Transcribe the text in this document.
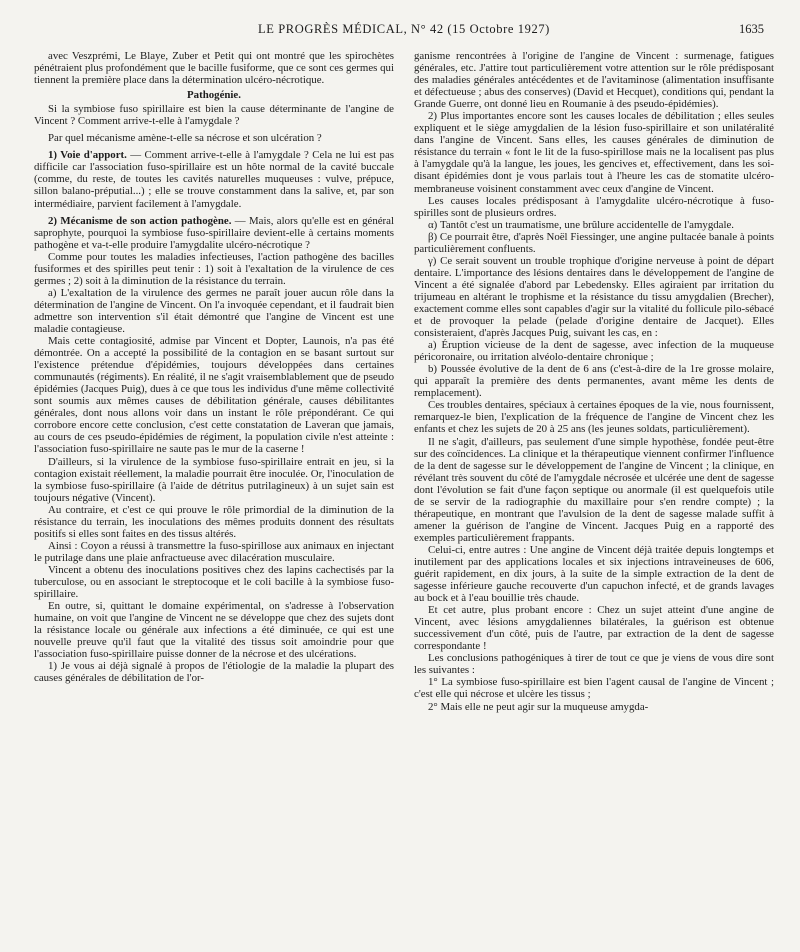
LE PROGRÈS MÉDICAL, N° 42 (15 Octobre 1927)	1635

avec Veszprémi, Le Blaye, Zuber et Petit qui ont montré que les spirochètes pénétraient plus profondément que le bacille fusiforme, que ce sont ces germes qui tiennent la première place dans la détermination ulcéro-nécrotique.

Pathogénie.

Si la symbiose fuso spirillaire est bien la cause déterminante de l'angine de Vincent ? Comment arrive-t-elle à l'amygdale ?

Par quel mécanisme amène-t-elle sa nécrose et son ulcération ?

1) Voie d'apport. — Comment arrive-t-elle à l'amygdale ? Cela ne lui est pas difficile car l'association fuso-spirillaire est un hôte normal de la cavité buccale (comme, du reste, de toutes les cavités naturelles muqueuses : vulve, prépuce, sillon balano-préputial...) ; elle se trouve constamment dans la salive, et, par son intermédiaire, parvient facilement à l'amygdale.

2) Mécanisme de son action pathogène. — Mais, alors qu'elle est en général saprophyte, pourquoi la symbiose fuso-spirillaire devient-elle à certains moments pathogène et va-t-elle produire l'amygdalite ulcéro-nécrotique ?

Comme pour toutes les maladies infectieuses, l'action pathogène des bacilles fusiformes et des spirilles peut tenir : 1) soit à l'exaltation de la virulence de ces germes ; 2) soit à la diminution de la résistance du terrain.

a) L'exaltation de la virulence des germes ne paraît jouer aucun rôle dans la détermination de l'angine de Vincent. On l'a invoquée cependant, et il faudrait bien admettre son intervention s'il était démontré que l'angine de Vincent est une maladie contagieuse.

Mais cette contagiosité, admise par Vincent et Dopter, Launois, n'a pas été démontrée. On a accepté la possibilité de la contagion en se basant surtout sur l'existence prétendue d'épidémies, toujours développées dans certaines communautés (régiments). En réalité, il ne s'agit vraisemblablement que de pseudo épidémies (Jacques Puig), dues à ce que tous les individus d'une même collectivité sont soumis aux mêmes causes de débilitation générale, causes débilitantes générales, dont nous allons voir dans un instant le rôle prépondérant. Ce qui corrobore encore cette conclusion, c'est cette constatation de Laveran que jamais, au cours de ces pseudo-épidémies de régiment, la population civile n'est atteinte : l'association fuso-spirillaire ne saute pas le mur de la caserne !

D'ailleurs, si la virulence de la symbiose fuso-spirillaire entrait en jeu, si la contagion existait réellement, la maladie pourrait être inoculée. Or, l'inoculation de la symbiose fuso-spirillaire (à l'aide de détritus putrilagineux) à un sujet sain est toujours négative (Vincent).

Au contraire, et c'est ce qui prouve le rôle primordial de la diminution de la résistance du terrain, les inoculations des mêmes produits donnent des résultats positifs si elles sont faites en des tissus altérés.

Ainsi : Coyon a réussi à transmettre la fuso-spirillose aux animaux en injectant le putrilage dans une plaie anfractueuse avec dilacération musculaire.

Vincent a obtenu des inoculations positives chez des lapins cachectisés par la tuberculose, ou en associant le streptocoque et le coli bacille à la symbiose fuso-spirillaire.

En outre, si, quittant le domaine expérimental, on s'adresse à l'observation humaine, on voit que l'angine de Vincent ne se développe que chez des sujets dont la résistance locale ou générale aux infections a été diminuée, ce qui est une nouvelle preuve qu'il faut que la vitalité des tissus soit amoindrie pour que l'association fuso-spirillaire puisse donner de la nécrose et des ulcérations.

1) Je vous ai déjà signalé à propos de l'étiologie de la maladie la plupart des causes générales de débilitation de l'or-

ganisme rencontrées à l'origine de l'angine de Vincent : surmenage, fatigues générales, etc. J'attire tout particulièrement votre attention sur le rôle prédisposant des maladies générales antécédentes et de l'avitaminose (alimentation insuffisante et défectueuse ; abus des conserves) (David et Hecquet), conditions qui, pendant la Grande Guerre, ont donné lieu en Roumanie à des pseudo-épidémies).

2) Plus importantes encore sont les causes locales de débilitation ; elles seules expliquent et le siège amygdalien de la lésion fuso-spirillaire et son unilatéralité dans l'angine de Vincent. Sans elles, les causes générales de diminution de résistance du terrain « font le lit de la fuso-spirillose mais ne la localisent pas plus à l'amygdale qu'à la langue, les joues, les gencives et, effectivement, dans les soi-disant épidémies dont je vous parlais tout à l'heure les cas de stomatite ulcéro-membraneuse voisinent constamment avec ceux d'angine de Vincent.

Les causes locales prédisposant à l'amygdalite ulcéro-nécrotique à fuso-spirilles sont de plusieurs ordres.

α) Tantôt c'est un traumatisme, une brûlure accidentelle de l'amygdale.

β) Ce pourrait être, d'après Noël Fiessinger, une angine pultacée banale à points particulièrement confluents.

γ) Ce serait souvent un trouble trophique d'origine nerveuse à point de départ dentaire. L'importance des lésions dentaires dans le développement de l'angine de Vincent a été signalée d'abord par Lebedensky. Elles agiraient par irritation du trijumeau en altérant le trophisme et la résistance du tissu amygdalien (Brecher), exactement comme elles sont capables d'agir sur la vitalité du follicule pilo-sébacé et de provoquer la pelade (pelade d'origine dentaire de Jacquet). Elles consisteraient, d'après Jacques Puig, suivant les cas, en :

a) Éruption vicieuse de la dent de sagesse, avec infection de la muqueuse péricoronaire, ou irritation alvéolo-dentaire chronique ;

b) Poussée évolutive de la dent de 6 ans (c'est-à-dire de la 1re grosse molaire, qui apparaît la première des dents permanentes, avant même les dents de remplacement).

Ces troubles dentaires, spéciaux à certaines époques de la vie, nous fournissent, remarquez-le bien, l'explication de la fréquence de l'angine de Vincent chez les enfants et chez les sujets de 20 à 25 ans (les jeunes soldats, particulièrement).

Il ne s'agit, d'ailleurs, pas seulement d'une simple hypothèse, fondée peut-être sur des coïncidences. La clinique et la thérapeutique viennent confirmer l'influence de la dent de sagesse sur le développement de l'angine de Vincent ; la clinique, en révélant très souvent du côté de l'amygdale nécrosée et ulcérée une dent de sagesse dont l'évolution se fait d'une façon septique ou anormale (il est quelquefois utile de se servir de la radiographie du maxillaire pour s'en rendre compte) ; la thérapeutique, en montrant que l'avulsion de la dent de sagesse malade suffit à amener la guérison de l'angine de Vincent. Jacques Puig en a rapporté des exemples particulièrement frappants.

Celui-ci, entre autres : Une angine de Vincent déjà traitée depuis longtemps et inutilement par des applications locales et six injections intraveineuses de 606, guérit rapidement, en dix jours, à la suite de la simple extraction de la dent de sagesse inférieure gauche recouverte d'un capuchon infecté, et de grands lavages au bock et à l'eau bouillie très chaude.

Et cet autre, plus probant encore : Chez un sujet atteint d'une angine de Vincent, avec lésions amygdaliennes bilatérales, la guérison est obtenue successivement d'un côté, puis de l'autre, par extraction de la dent de sagesse correspondante !

Les conclusions pathogéniques à tirer de tout ce que je viens de vous dire sont les suivantes :

1° La symbiose fuso-spirillaire est bien l'agent causal de l'angine de Vincent ; c'est elle qui nécrose et ulcère les tissus ;

2° Mais elle ne peut agir sur la muqueuse amygda-
